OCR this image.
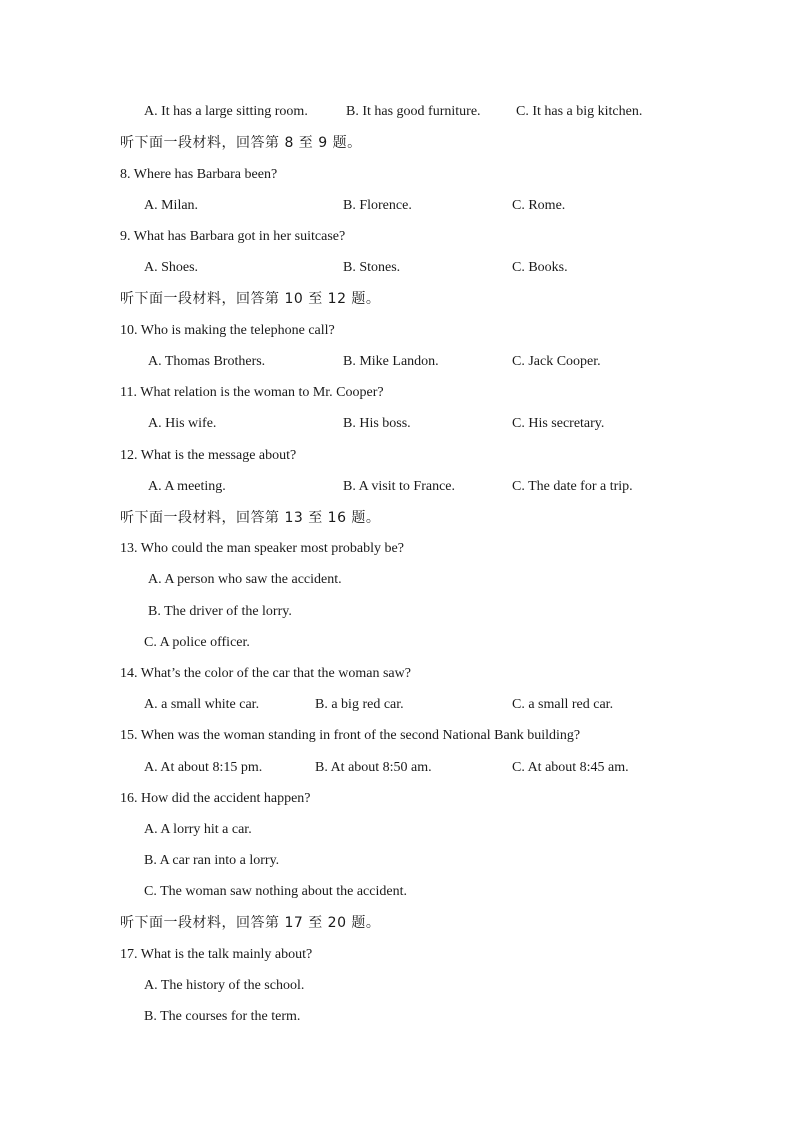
A. It has a large sitting room.	B. It has good furniture.	C. It has a big kitchen.
听下面一段材料，回答第 8 至 9 题。
8. Where has Barbara been?
A. Milan.	B. Florence.	C. Rome.
9. What has Barbara got in her suitcase?
A. Shoes.	B. Stones.	C. Books.
听下面一段材料，回答第 10 至 12 题。
10. Who is making the telephone call?
A. Thomas Brothers.	B. Mike Landon.	C. Jack Cooper.
11. What relation is the woman to Mr. Cooper?
A. His wife.	B. His boss.	C. His secretary.
12. What is the message about?
A. A meeting.	B. A visit to France.	C. The date for a trip.
听下面一段材料，回答第 13 至 16 题。
13. Who could the man speaker most probably be?
A. A person who saw the accident.
B. The driver of the lorry.
C. A police officer.
14. What’s the color of the car that the woman saw?
A. a small white car.	B. a big red car.	C. a small red car.
15. When was the woman standing in front of the second National Bank building?
A. At about 8:15 pm.	B. At about 8:50 am.	C. At about 8:45 am.
16. How did the accident happen?
A. A lorry hit a car.
B. A car ran into a lorry.
C. The woman saw nothing about the accident.
听下面一段材料，回答第 17 至 20 题。
17. What is the talk mainly about?
A. The history of the school.
B. The courses for the term.
